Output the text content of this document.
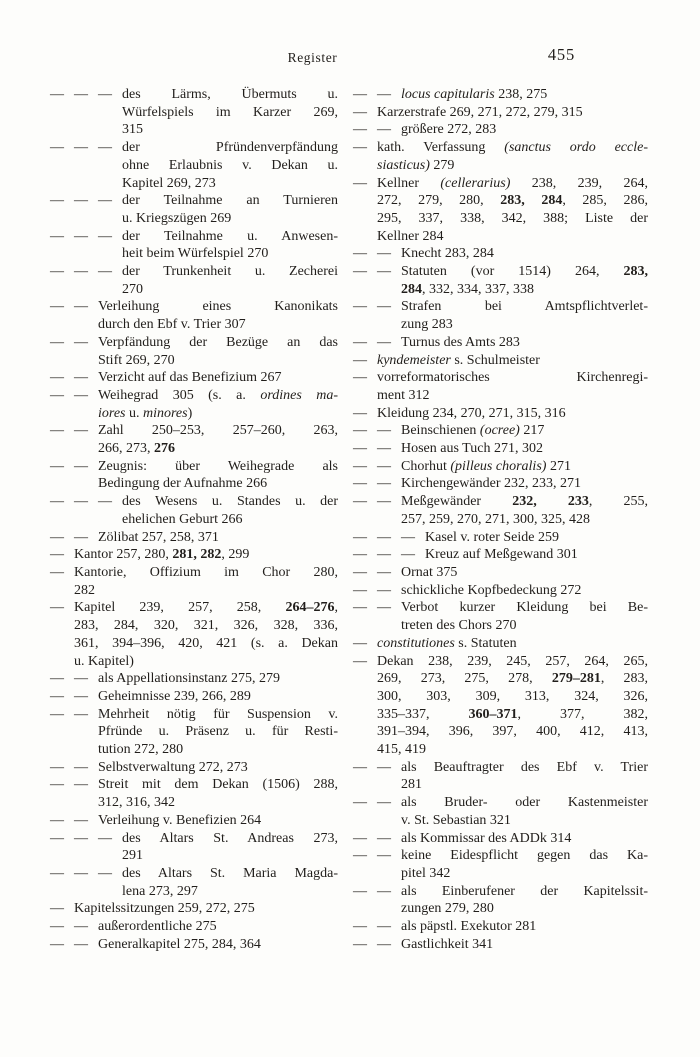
Register	455
— — — des Lärms, Übermuts u.
Würfelspiels im Karzer 269,
315
— — — der Pfründenverpfändung
ohne Erlaubnis v. Dekan u.
Kapitel 269, 273
— — — der Teilnahme an Turnieren
u. Kriegszügen 269
— — — der Teilnahme u. Anwesen-
heit beim Würfelspiel 270
— — — der Trunkenheit u. Zecherei
270
— — Verleihung eines Kanonikats
durch den Ebf v. Trier 307
— — Verpfändung der Bezüge an das
Stift 269, 270
— — Verzicht auf das Benefizium 267
— — Weihegrad 305 (s. a. ordines ma-
iores u. minores)
— — Zahl 250–253, 257–260, 263,
266, 273, 276
— — Zeugnis: über Weihegrade als
Bedingung der Aufnahme 266
— — — des Wesens u. Standes u. der
ehelichen Geburt 266
— — Zölibat 257, 258, 371
— Kantor 257, 280, 281, 282, 299
— Kantorie, Offizium im Chor 280,
282
— Kapitel 239, 257, 258, 264–276,
283, 284, 320, 321, 326, 328, 336,
361, 394–396, 420, 421 (s. a. Dekan
u. Kapitel)
— — als Appellationsinstanz 275, 279
— — Geheimnisse 239, 266, 289
— — Mehrheit nötig für Suspension v.
Pfründe u. Präsenz u. für Resti-
tution 272, 280
— — Selbstverwaltung 272, 273
— — Streit mit dem Dekan (1506) 288,
312, 316, 342
— — Verleihung v. Benefizien 264
— — — des Altars St. Andreas 273,
291
— — — des Altars St. Maria Magda-
lena 273, 297
— Kapitelssitzungen 259, 272, 275
— — außerordentliche 275
— — Generalkapitel 275, 284, 364
— — locus capitularis 238, 275
— Karzerstrafe 269, 271, 272, 279, 315
— — größere 272, 283
— kath. Verfassung (sanctus ordo eccle-
siasticus) 279
— Kellner (cellerarius) 238, 239, 264,
272, 279, 280, 283, 284, 285, 286,
295, 337, 338, 342, 388; Liste der
Kellner 284
— — Knecht 283, 284
— — Statuten (vor 1514) 264, 283,
284, 332, 334, 337, 338
— — Strafen bei Amtspflichtverlet-
zung 283
— — Turnus des Amts 283
— kyndemeister s. Schulmeister
— vorreformatorisches Kirchenregi-
ment 312
— Kleidung 234, 270, 271, 315, 316
— — Beinschienen (ocree) 217
— — Hosen aus Tuch 271, 302
— — Chorhut (pilleus choralis) 271
— — Kirchengewänder 232, 233, 271
— — Meßgewänder 232, 233, 255,
257, 259, 270, 271, 300, 325, 428
— — — Kasel v. roter Seide 259
— — — Kreuz auf Meßgewand 301
— — Ornat 375
— — schickliche Kopfbedeckung 272
— — Verbot kurzer Kleidung bei Be-
treten des Chors 270
— constitutiones s. Statuten
— Dekan 238, 239, 245, 257, 264, 265,
269, 273, 275, 278, 279–281, 283,
300, 303, 309, 313, 324, 326,
335–337, 360–371, 377, 382,
391–394, 396, 397, 400, 412, 413,
415, 419
— — als Beauftragter des Ebf v. Trier
281
— — als Bruder- oder Kastenmeister
v. St. Sebastian 321
— — als Kommissar des ADDk 314
— — keine Eidespflicht gegen das Ka-
pitel 342
— — als Einberufener der Kapitelssit-
zungen 279, 280
— — als päpstl. Exekutor 281
— — Gastlichkeit 341
